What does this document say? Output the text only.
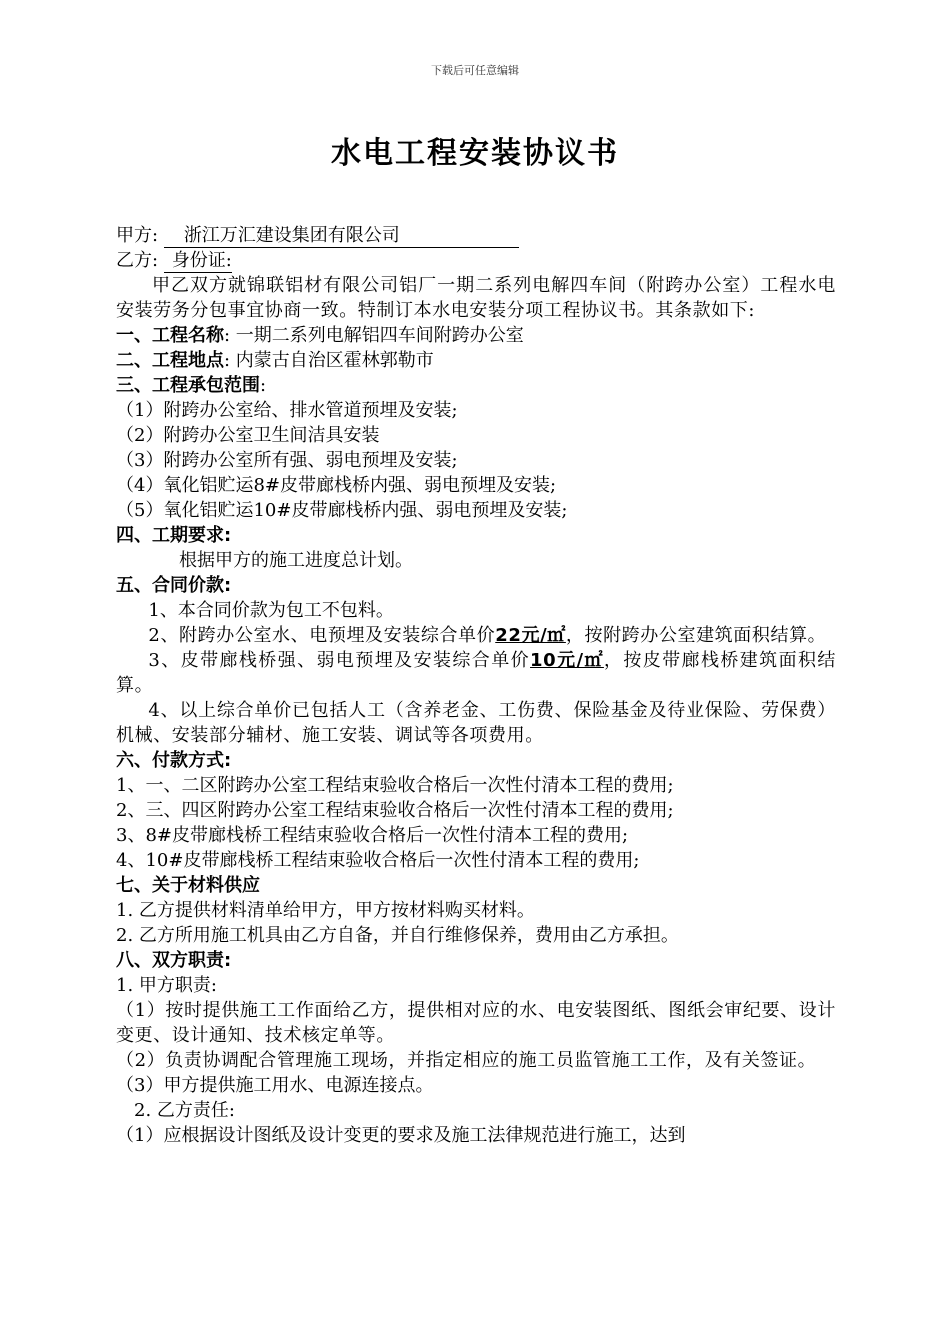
下载后可任意编辑
水电工程安装协议书
甲方: 浙江万汇建设集团有限公司
乙方: 身份证:
甲乙双方就锦联铝材有限公司铝厂一期二系列电解四车间（附跨办公室）工程水电安装劳务分包事宜协商一致。特制订本水电安装分项工程协议书。其条款如下:
一、工程名称: 一期二系列电解铝四车间附跨办公室
二、工程地点: 内蒙古自治区霍林郭勒市
三、工程承包范围:
（1）附跨办公室给、排水管道预埋及安装;
（2）附跨办公室卫生间洁具安装
（3）附跨办公室所有强、弱电预埋及安装;
（4）氧化铝贮运8#皮带廊栈桥内强、弱电预埋及安装;
（5）氧化铝贮运10#皮带廊栈桥内强、弱电预埋及安装;
四、工期要求:
根据甲方的施工进度总计划。
五、合同价款:
1、本合同价款为包工不包料。
2、附跨办公室水、电预埋及安装综合单价22元/㎡，按附跨办公室建筑面积结算。
3、皮带廊栈桥强、弱电预埋及安装综合单价10元/㎡，按皮带廊栈桥建筑面积结算。
4、以上综合单价已包括人工（含养老金、工伤费、保险基金及待业保险、劳保费）机械、安装部分辅材、施工安装、调试等各项费用。
六、付款方式:
1、一、二区附跨办公室工程结束验收合格后一次性付清本工程的费用;
2、三、四区附跨办公室工程结束验收合格后一次性付清本工程的费用;
3、8#皮带廊栈桥工程结束验收合格后一次性付清本工程的费用;
4、10#皮带廊栈桥工程结束验收合格后一次性付清本工程的费用;
七、关于材料供应
1. 乙方提供材料清单给甲方，甲方按材料购买材料。
2. 乙方所用施工机具由乙方自备，并自行维修保养，费用由乙方承担。
八、双方职责:
1. 甲方职责:
（1）按时提供施工工作面给乙方，提供相对应的水、电安装图纸、图纸会审纪要、设计变更、设计通知、技术核定单等。
（2）负责协调配合管理施工现场，并指定相应的施工员监管施工工作，及有关签证。
（3）甲方提供施工用水、电源连接点。
2. 乙方责任:
（1）应根据设计图纸及设计变更的要求及施工法律规范进行施工，达到
